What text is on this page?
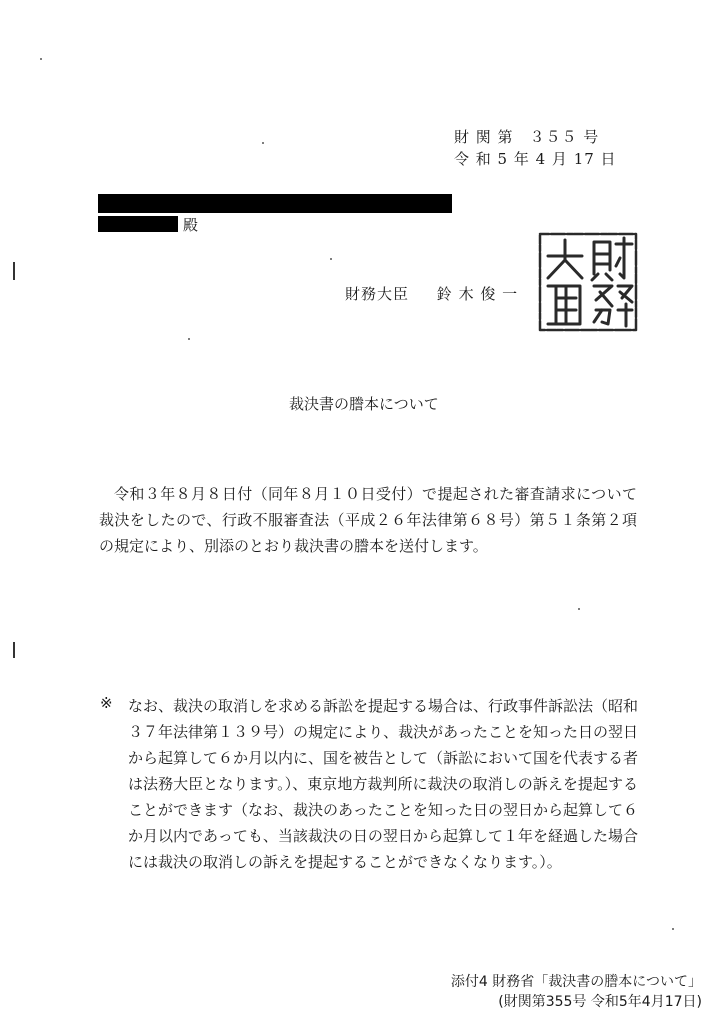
財 関 第　３５５ 号
令 和 5 年 4 月 17 日
殿
財務大臣 鈴 木 俊 一
財務大臣印
裁決書の謄本について

令和３年８月８日付（同年８月１０日受付）で提起された審査請求について裁決をしたので、行政不服審査法（平成２６年法律第６８号）第５１条第２項の規定により、別添のとおり裁決書の謄本を送付します。

※ なお、裁決の取消しを求める訴訟を提起する場合は、行政事件訴訟法（昭和３７年法律第１３９号）の規定により、裁決があったことを知った日の翌日から起算して６か月以内に、国を被告として（訴訟において国を代表する者は法務大臣となります。）、東京地方裁判所に裁決の取消しの訴えを提起することができます（なお、裁決のあったことを知った日の翌日から起算して６か月以内であっても、当該裁決の日の翌日から起算して１年を経過した場合には裁決の取消しの訴えを提起することができなくなります。）。

添付4 財務省「裁決書の謄本について」
(財関第355号 令和5年4月17日)
